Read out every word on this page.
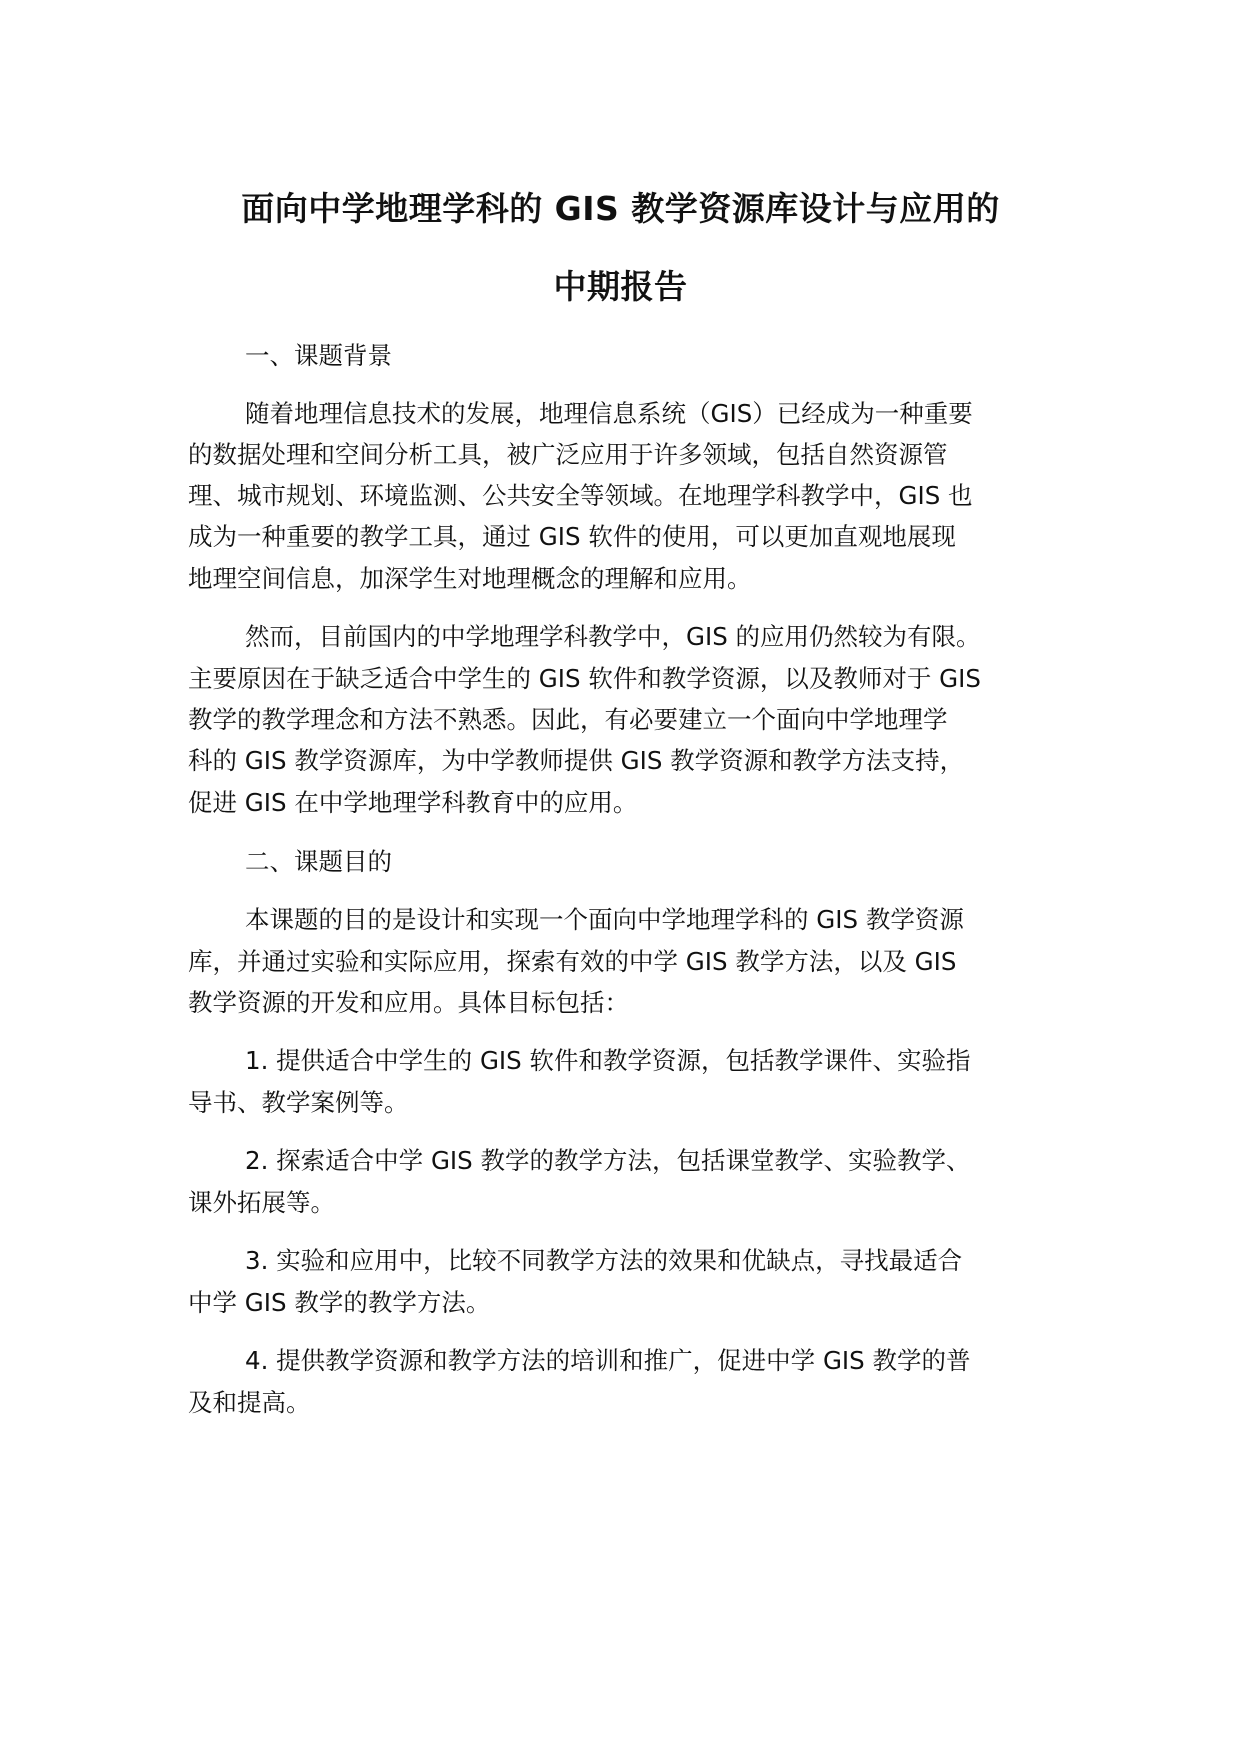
面向中学地理学科的 GIS 教学资源库设计与应用的
中期报告
一、课题背景
随着地理信息技术的发展，地理信息系统（GIS）已经成为一种重要
的数据处理和空间分析工具，被广泛应用于许多领域，包括自然资源管
理、城市规划、环境监测、公共安全等领域。在地理学科教学中，GIS 也
成为一种重要的教学工具，通过 GIS 软件的使用，可以更加直观地展现
地理空间信息，加深学生对地理概念的理解和应用。
然而，目前国内的中学地理学科教学中，GIS 的应用仍然较为有限。
主要原因在于缺乏适合中学生的 GIS 软件和教学资源，以及教师对于 GIS
教学的教学理念和方法不熟悉。因此，有必要建立一个面向中学地理学
科的 GIS 教学资源库，为中学教师提供 GIS 教学资源和教学方法支持，
促进 GIS 在中学地理学科教育中的应用。
二、课题目的
本课题的目的是设计和实现一个面向中学地理学科的 GIS 教学资源
库，并通过实验和实际应用，探索有效的中学 GIS 教学方法，以及 GIS
教学资源的开发和应用。具体目标包括：
1. 提供适合中学生的 GIS 软件和教学资源，包括教学课件、实验指
导书、教学案例等。
2. 探索适合中学 GIS 教学的教学方法，包括课堂教学、实验教学、
课外拓展等。
3. 实验和应用中，比较不同教学方法的效果和优缺点，寻找最适合
中学 GIS 教学的教学方法。
4. 提供教学资源和教学方法的培训和推广，促进中学 GIS 教学的普
及和提高。
